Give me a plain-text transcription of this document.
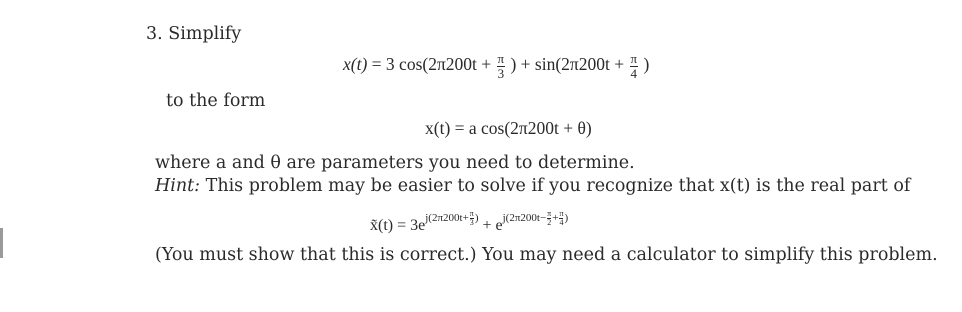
3. Simplify
x(t) = 3 $\cos(2\pi 200t + \frac{\pi}{3}$ ) + $\sin(2\pi 200t + \frac{\pi}{4}$ )
to the form
x(t) = a cos(2π200t + θ)
where a and θ are parameters you need to determine.
Hint: This problem may be easier to solve if you recognize that x(t) is the real part of
x̃(t) = $3e^{j(2\pi 200t+ \frac{\pi}{3} )} + e^{j(2\pi 200t- \frac{\pi}{2} + \frac{\pi}{4} )}$
(You must show that this is correct.) You may need a calculator to simplify this problem.
